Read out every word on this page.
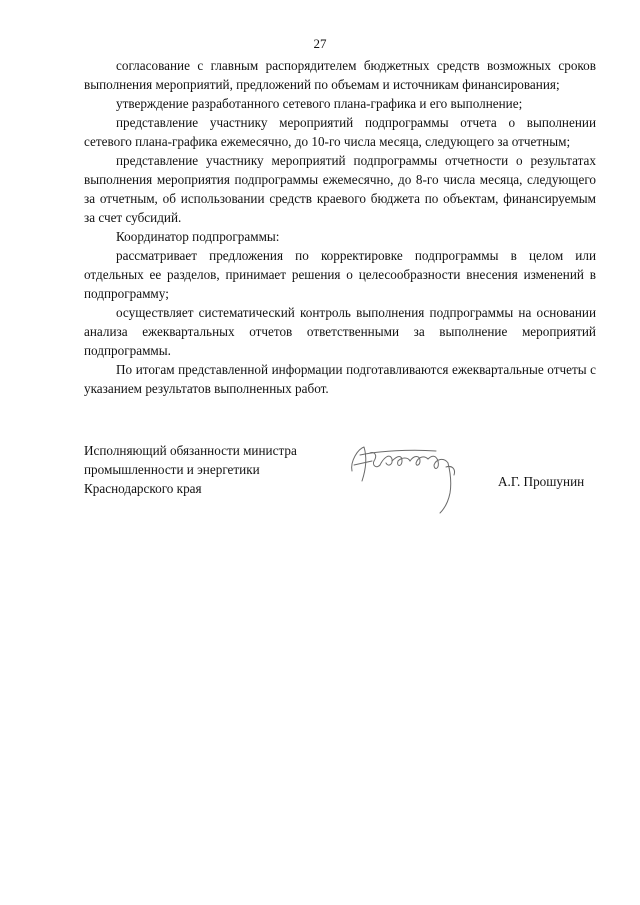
27

согласование с главным распорядителем бюджетных средств возможных сроков выполнения мероприятий, предложений по объемам и источникам финансирования;

утверждение разработанного сетевого плана-графика и его выполнение;

представление участнику мероприятий подпрограммы отчета о выполнении сетевого плана-графика ежемесячно, до 10-го числа месяца, следующего за отчетным;

представление участнику мероприятий подпрограммы отчетности о результатах выполнения мероприятия подпрограммы ежемесячно, до 8-го числа месяца, следующего за отчетным, об использовании средств краевого бюджета по объектам, финансируемым за счет субсидий.

Координатор подпрограммы:

рассматривает предложения по корректировке подпрограммы в целом или отдельных ее разделов, принимает решения о целесообразности внесения изменений в подпрограмму;

осуществляет систематический контроль выполнения подпрограммы на основании анализа ежеквартальных отчетов ответственными за выполнение мероприятий подпрограммы.

По итогам представленной информации подготавливаются ежеквартальные отчеты с указанием результатов выполненных работ.

Исполняющий обязанности министра
промышленности и энергетики
Краснодарского края	А.Г. Прошунин
